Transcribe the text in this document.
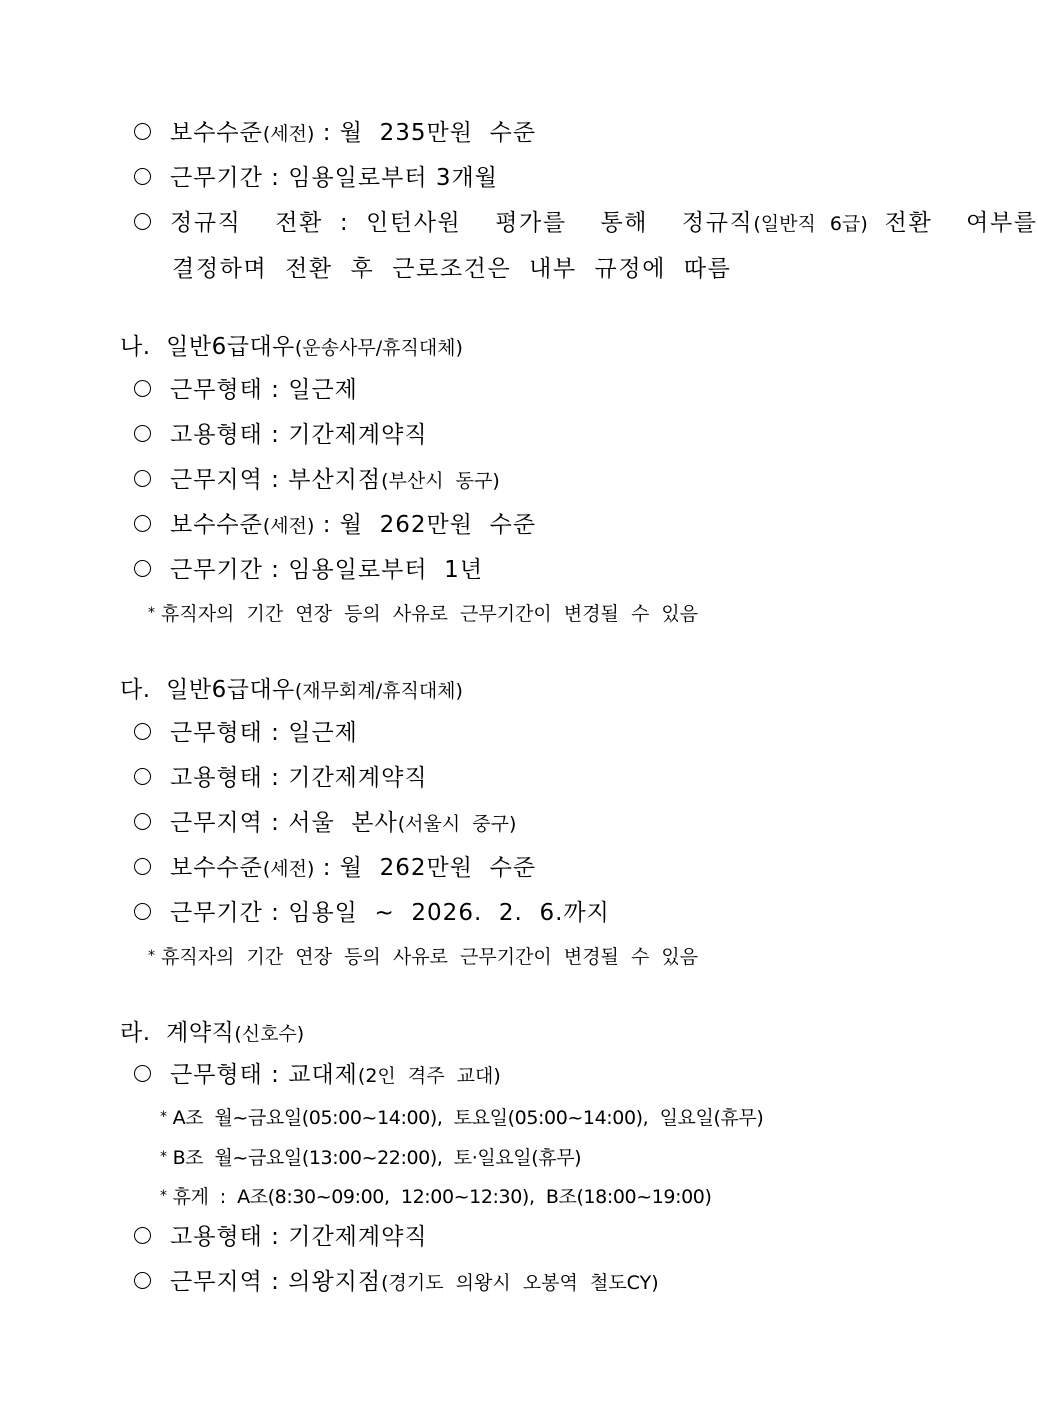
보수수준(세전) : 월  235만원  수준
근무기간 : 임용일로부터 3개월
정규직  전환 : 인턴사원  평가를  통해  정규직(일반직 6급) 전환  여부를
결정하며  전환  후  근로조건은  내부  규정에  따름
나.  일반6급대우(운송사무/휴직대체)
근무형태 : 일근제
고용형태 : 기간제계약직
근무지역 : 부산지점(부산시  동구)
보수수준(세전) : 월  262만원  수준
근무기간 : 임용일로부터  1년
* 휴직자의  기간  연장  등의  사유로  근무기간이  변경될  수  있음
다.  일반6급대우(재무회계/휴직대체)
근무형태 : 일근제
고용형태 : 기간제계약직
근무지역 : 서울  본사(서울시  중구)
보수수준(세전) : 월  262만원  수준
근무기간 : 임용일  ~  2026.  2.  6.까지
* 휴직자의  기간  연장  등의  사유로  근무기간이  변경될  수  있음
라.  계약직(신호수)
근무형태 : 교대제(2인  격주  교대)
* A조  월~금요일(05:00~14:00),  토요일(05:00~14:00),  일요일(휴무)
* B조  월~금요일(13:00~22:00),  토·일요일(휴무)
* 휴게  :  A조(8:30~09:00,  12:00~12:30),  B조(18:00~19:00)
고용형태 : 기간제계약직
근무지역 : 의왕지점(경기도  의왕시  오봉역  철도CY)
